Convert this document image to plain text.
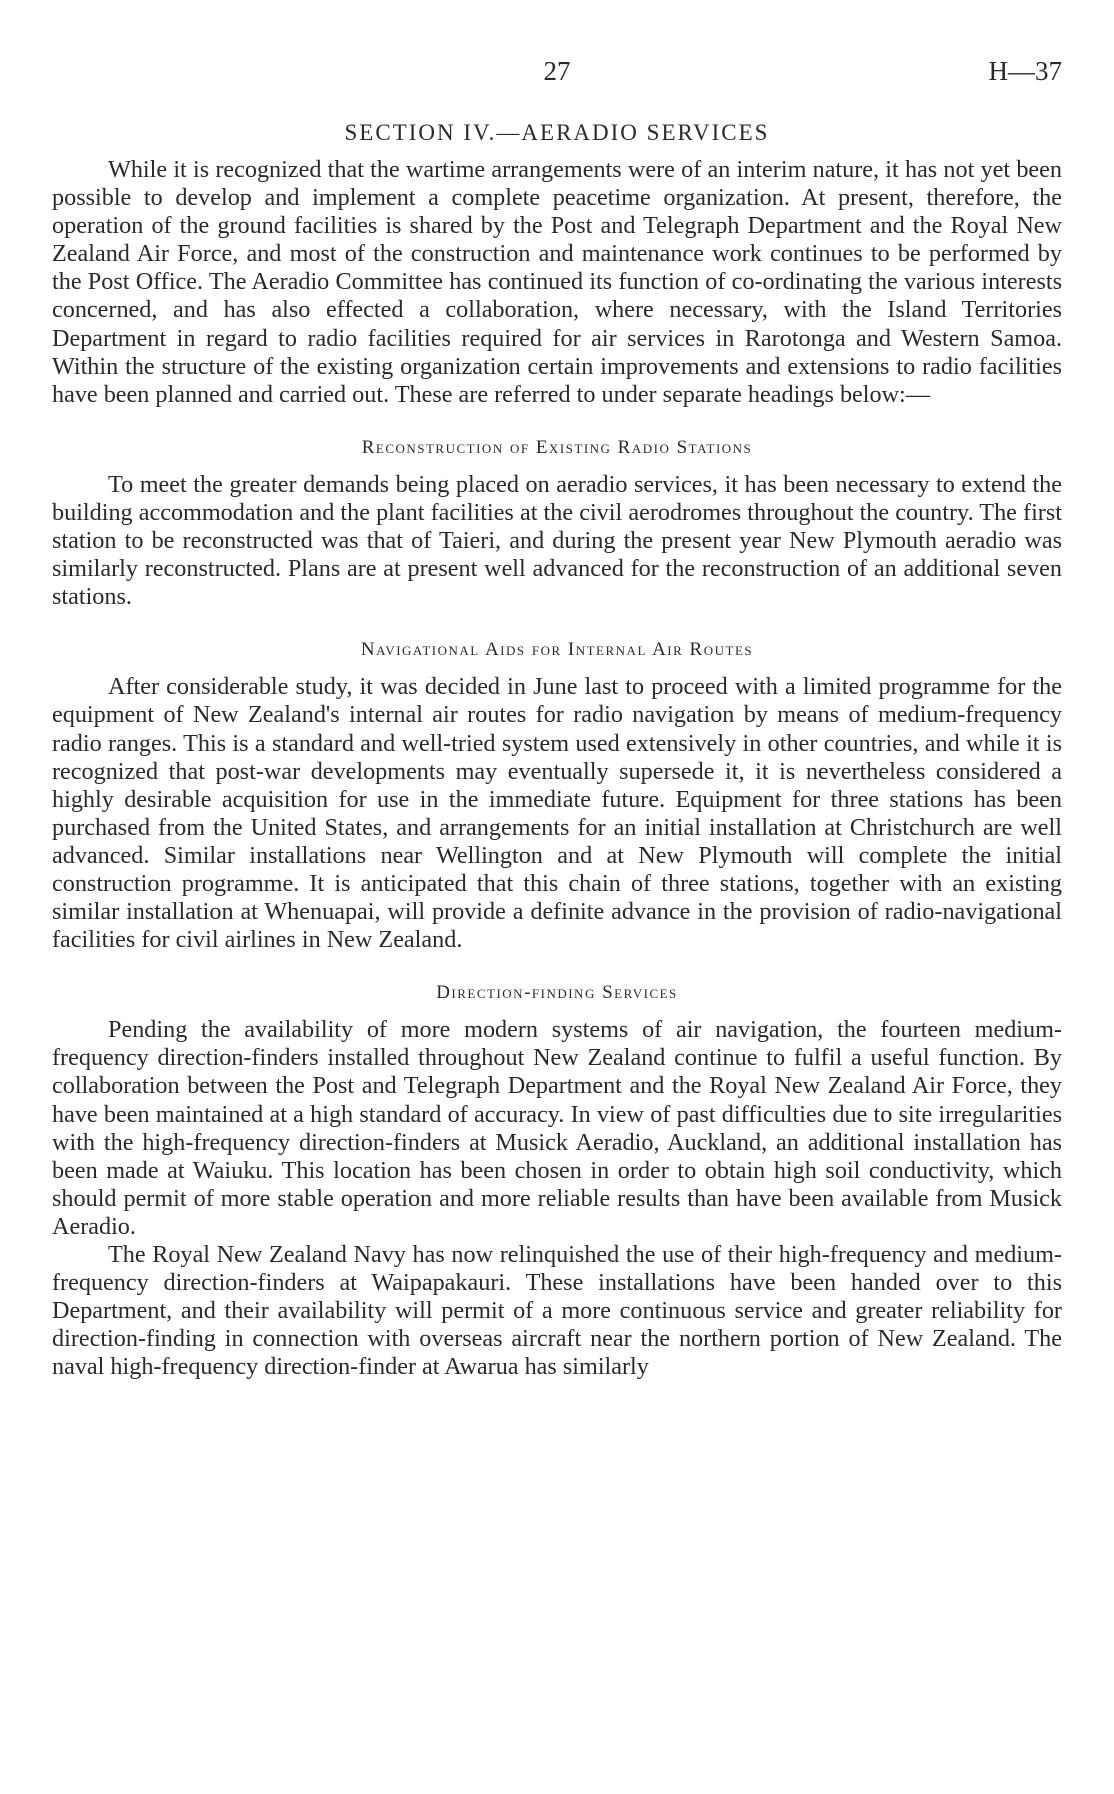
27	H—37
SECTION IV.—AERADIO SERVICES

While it is recognized that the wartime arrangements were of an interim nature, it has not yet been possible to develop and implement a complete peacetime organization. At present, therefore, the operation of the ground facilities is shared by the Post and Telegraph Department and the Royal New Zealand Air Force, and most of the construction and maintenance work continues to be performed by the Post Office. The Aeradio Committee has continued its function of co-ordinating the various interests concerned, and has also effected a collaboration, where necessary, with the Island Territories Department in regard to radio facilities required for air services in Rarotonga and Western Samoa. Within the structure of the existing organization certain improvements and extensions to radio facilities have been planned and carried out. These are referred to under separate headings below:—

Reconstruction of Existing Radio Stations

To meet the greater demands being placed on aeradio services, it has been necessary to extend the building accommodation and the plant facilities at the civil aerodromes throughout the country. The first station to be reconstructed was that of Taieri, and during the present year New Plymouth aeradio was similarly reconstructed. Plans are at present well advanced for the reconstruction of an additional seven stations.

Navigational Aids for Internal Air Routes

After considerable study, it was decided in June last to proceed with a limited programme for the equipment of New Zealand's internal air routes for radio navigation by means of medium-frequency radio ranges. This is a standard and well-tried system used extensively in other countries, and while it is recognized that post-war developments may eventually supersede it, it is nevertheless considered a highly desirable acquisition for use in the immediate future. Equipment for three stations has been purchased from the United States, and arrangements for an initial installation at Christchurch are well advanced. Similar installations near Wellington and at New Plymouth will complete the initial construction programme. It is anticipated that this chain of three stations, together with an existing similar installation at Whenuapai, will provide a definite advance in the provision of radio-navigational facilities for civil airlines in New Zealand.

Direction-finding Services

Pending the availability of more modern systems of air navigation, the fourteen medium-frequency direction-finders installed throughout New Zealand continue to fulfil a useful function. By collaboration between the Post and Telegraph Department and the Royal New Zealand Air Force, they have been maintained at a high standard of accuracy. In view of past difficulties due to site irregularities with the high-frequency direction-finders at Musick Aeradio, Auckland, an additional installation has been made at Waiuku. This location has been chosen in order to obtain high soil conductivity, which should permit of more stable operation and more reliable results than have been available from Musick Aeradio.

The Royal New Zealand Navy has now relinquished the use of their high-frequency and medium-frequency direction-finders at Waipapakauri. These installations have been handed over to this Department, and their availability will permit of a more continuous service and greater reliability for direction-finding in connection with overseas aircraft near the northern portion of New Zealand. The naval high-frequency direction-finder at Awarua has similarly
